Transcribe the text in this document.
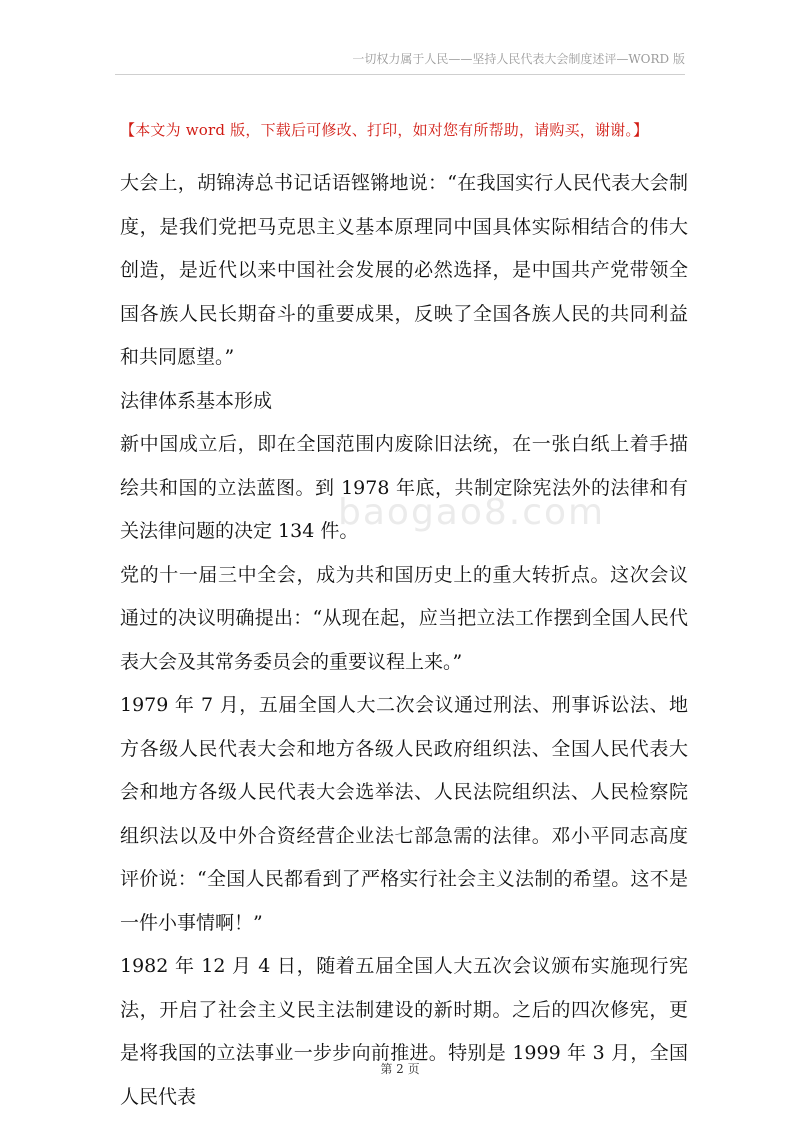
一切权力属于人民——坚持人民代表大会制度述评—WORD 版
【本文为 word 版，下载后可修改、打印，如对您有所帮助，请购买，谢谢。】
baogao8.com

大会上，胡锦涛总书记话语铿锵地说：“在我国实行人民代表大会制度，是我们党把马克思主义基本原理同中国具体实际相结合的伟大创造，是近代以来中国社会发展的必然选择，是中国共产党带领全国各族人民长期奋斗的重要成果，反映了全国各族人民的共同利益和共同愿望。”

法律体系基本形成

新中国成立后，即在全国范围内废除旧法统，在一张白纸上着手描绘共和国的立法蓝图。到 1978 年底，共制定除宪法外的法律和有关法律问题的决定 134 件。

党的十一届三中全会，成为共和国历史上的重大转折点。这次会议通过的决议明确提出：“从现在起，应当把立法工作摆到全国人民代表大会及其常务委员会的重要议程上来。”

1979 年 7 月，五届全国人大二次会议通过刑法、刑事诉讼法、地方各级人民代表大会和地方各级人民政府组织法、全国人民代表大会和地方各级人民代表大会选举法、人民法院组织法、人民检察院组织法以及中外合资经营企业法七部急需的法律。邓小平同志高度评价说：“全国人民都看到了严格实行社会主义法制的希望。这不是一件小事情啊！”

1982 年 12 月 4 日，随着五届全国人大五次会议颁布实施现行宪法，开启了社会主义民主法制建设的新时期。之后的四次修宪，更是将我国的立法事业一步步向前推进。特别是 1999 年 3 月，全国人民代表

第 2 页
